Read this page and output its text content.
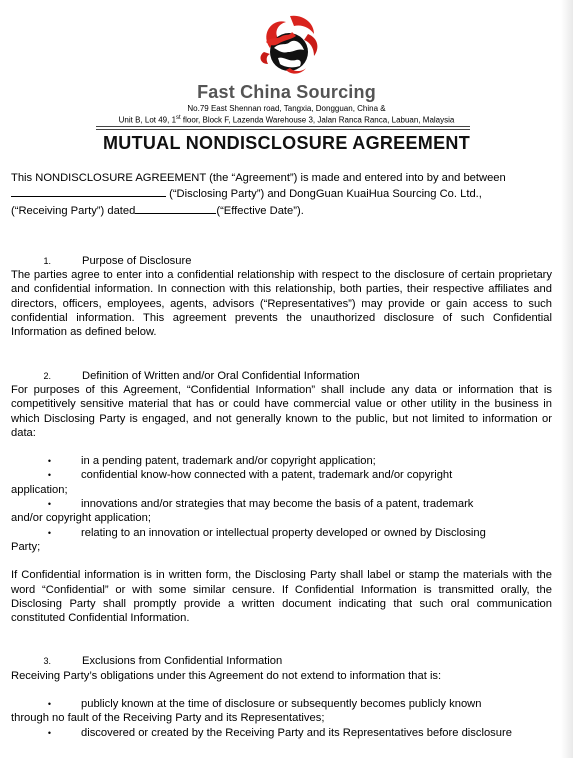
Fast China Sourcing
No.79 East Shennan road, Tangxia, Dongguan, China &
Unit B, Lot 49, 1st floor, Block F, Lazenda Warehouse 3, Jalan Ranca Ranca, Labuan, Malaysia
MUTUAL NONDISCLOSURE AGREEMENT

This NONDISCLOSURE AGREEMENT (the “Agreement”) is made and entered into by and between
(“Disclosing Party”) and DongGuan KuaiHua Sourcing Co. Ltd.,
(“Receiving Party”) dated	(“Effective Date”).

1.	Purpose of Disclosure

The parties agree to enter into a confidential relationship with respect to the disclosure of certain proprietary and confidential information. In connection with this relationship, both parties, their respective affiliates and directors, officers, employees, agents, advisors (“Representatives”) may provide or gain access to such confidential information. This agreement prevents the unauthorized disclosure of such Confidential Information as defined below.

2.	Definition of Written and/or Oral Confidential Information

For purposes of this Agreement, “Confidential Information” shall include any data or information that is competitively sensitive material that has or could have commercial value or other utility in the business in which Disclosing Party is engaged, and not generally known to the public, but not limited to information or data:

•	in a pending patent, trademark and/or copyright application;

•	confidential know-how connected with a patent, trademark and/or copyright
application;

•	innovations and/or strategies that may become the basis of a patent, trademark
and/or copyright application;

•	relating to an innovation or intellectual property developed or owned by Disclosing
Party;

If Confidential information is in written form, the Disclosing Party shall label or stamp the materials with the word “Confidential” or with some similar censure. If Confidential Information is transmitted orally, the Disclosing Party shall promptly provide a written document indicating that such oral communication constituted Confidential Information.

3.	Exclusions from Confidential Information

Receiving Party’s obligations under this Agreement do not extend to information that is:

•	publicly known at the time of disclosure or subsequently becomes publicly known
through no fault of the Receiving Party and its Representatives;

•	discovered or created by the Receiving Party and its Representatives before disclosure
